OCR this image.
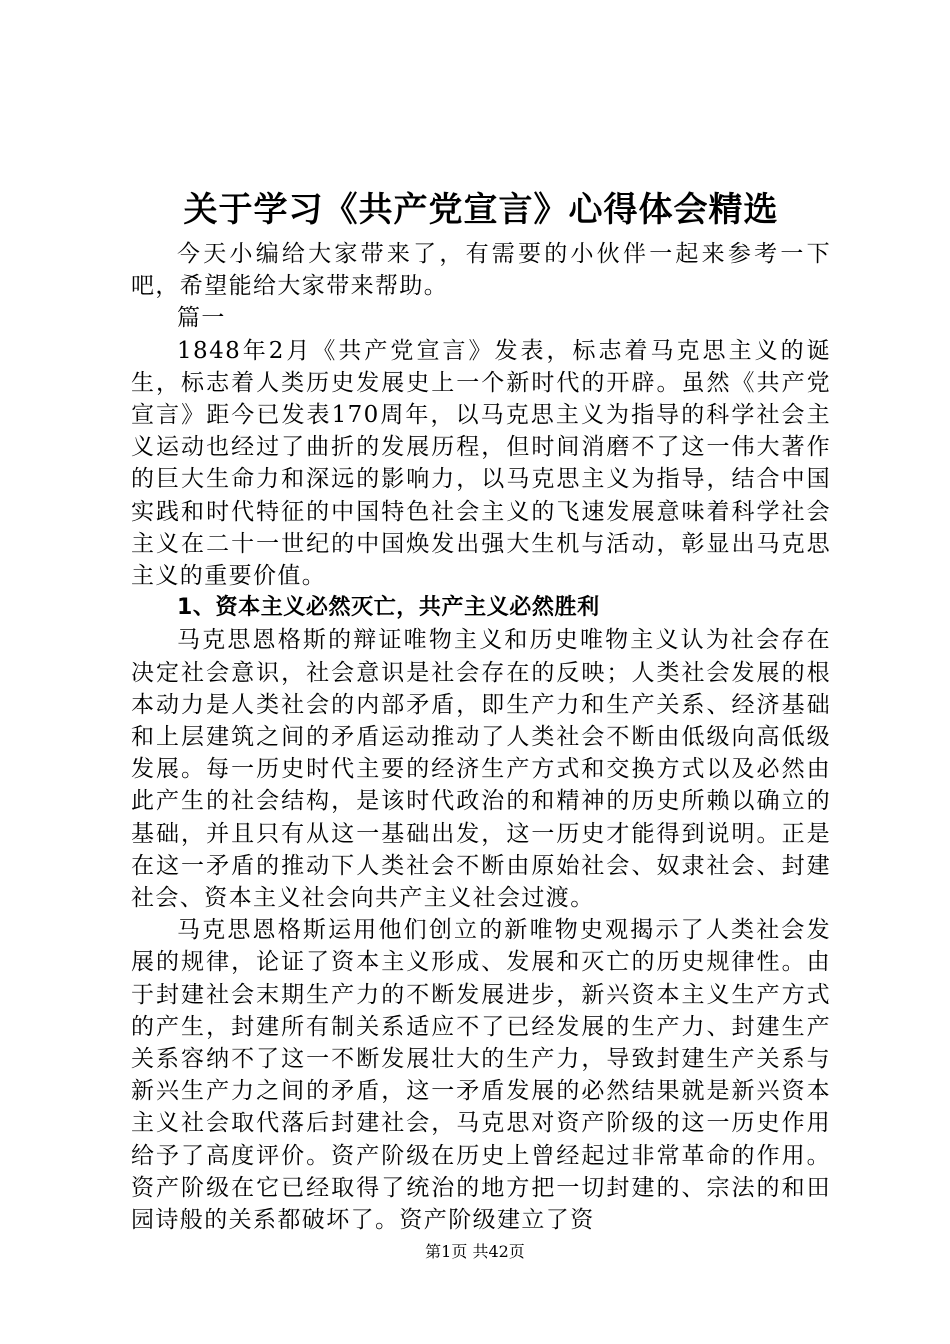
关于学习《共产党宣言》心得体会精选

今天小编给大家带来了，有需要的小伙伴一起来参考一下吧，希望能给大家带来帮助。

篇一

1848年2月《共产党宣言》发表，标志着马克思主义的诞生，标志着人类历史发展史上一个新时代的开辟。虽然《共产党宣言》距今已发表170周年，以马克思主义为指导的科学社会主义运动也经过了曲折的发展历程，但时间消磨不了这一伟大著作的巨大生命力和深远的影响力，以马克思主义为指导，结合中国实践和时代特征的中国特色社会主义的飞速发展意味着科学社会主义在二十一世纪的中国焕发出强大生机与活动，彰显出马克思主义的重要价值。

1、资本主义必然灭亡，共产主义必然胜利

马克思恩格斯的辩证唯物主义和历史唯物主义认为社会存在决定社会意识，社会意识是社会存在的反映；人类社会发展的根本动力是人类社会的内部矛盾，即生产力和生产关系、经济基础和上层建筑之间的矛盾运动推动了人类社会不断由低级向高低级发展。每一历史时代主要的经济生产方式和交换方式以及必然由此产生的社会结构，是该时代政治的和精神的历史所赖以确立的基础，并且只有从这一基础出发，这一历史才能得到说明。正是在这一矛盾的推动下人类社会不断由原始社会、奴隶社会、封建社会、资本主义社会向共产主义社会过渡。

马克思恩格斯运用他们创立的新唯物史观揭示了人类社会发展的规律，论证了资本主义形成、发展和灭亡的历史规律性。由于封建社会末期生产力的不断发展进步，新兴资本主义生产方式的产生，封建所有制关系适应不了已经发展的生产力、封建生产关系容纳不了这一不断发展壮大的生产力，导致封建生产关系与新兴生产力之间的矛盾，这一矛盾发展的必然结果就是新兴资本主义社会取代落后封建社会，马克思对资产阶级的这一历史作用给予了高度评价。资产阶级在历史上曾经起过非常革命的作用。资产阶级在它已经取得了统治的地方把一切封建的、宗法的和田园诗般的关系都破坏了。资产阶级建立了资

第1页 共42页
